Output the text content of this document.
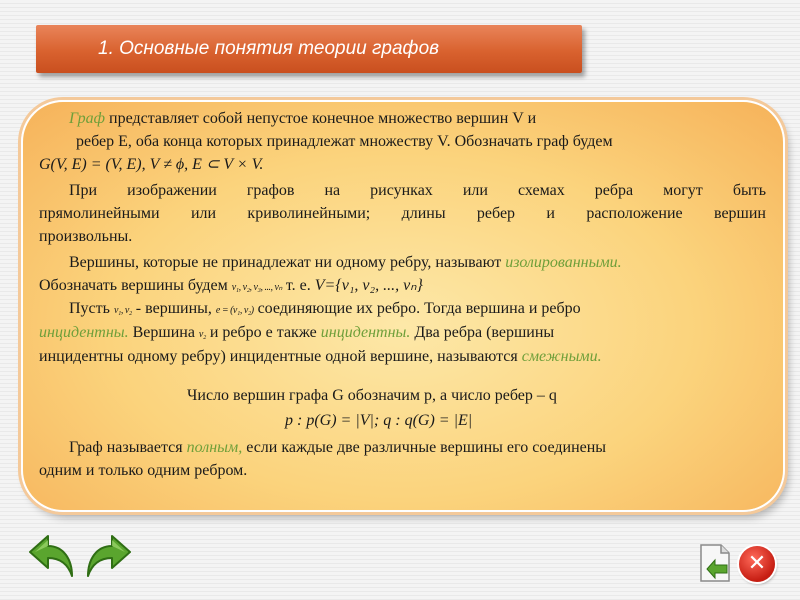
1. Основные понятия теории графов
Граф представляет собой непустое конечное множество вершин V и
ребер Е, оба конца которых принадлежат множеству V. Обозначать граф будем
G(V, E) = (V, E), V ≠ ϕ, E ⊂ V × V.
При изображении графов на рисунках или схемах ребра могут быть
прямолинейными или криволинейными; длины ребер и расположение вершин
произвольны.
Вершины, которые не принадлежат ни одному ребру, называют изолированными.
Обозначать вершины будем v₁, v₂, v₃, ..., vₙ т. е. V={v₁, v₂, ..., vₙ}
Пусть v₁, v₂ - вершины, e = (v₁, v₂) соединяющие их ребро. Тогда вершина и ребро
инцидентны. Вершина v₂ и ребро е также инцидентны. Два ребра (вершины
инцидентны одному ребру) инцидентные одной вершине, называются смежными.
Число вершин графа G обозначим p, а число ребер – q
p : p(G) = |V|; q : q(G) = |E|
Граф называется полным, если каждые две различные вершины его соединены
одним и только одним ребром.
✕
